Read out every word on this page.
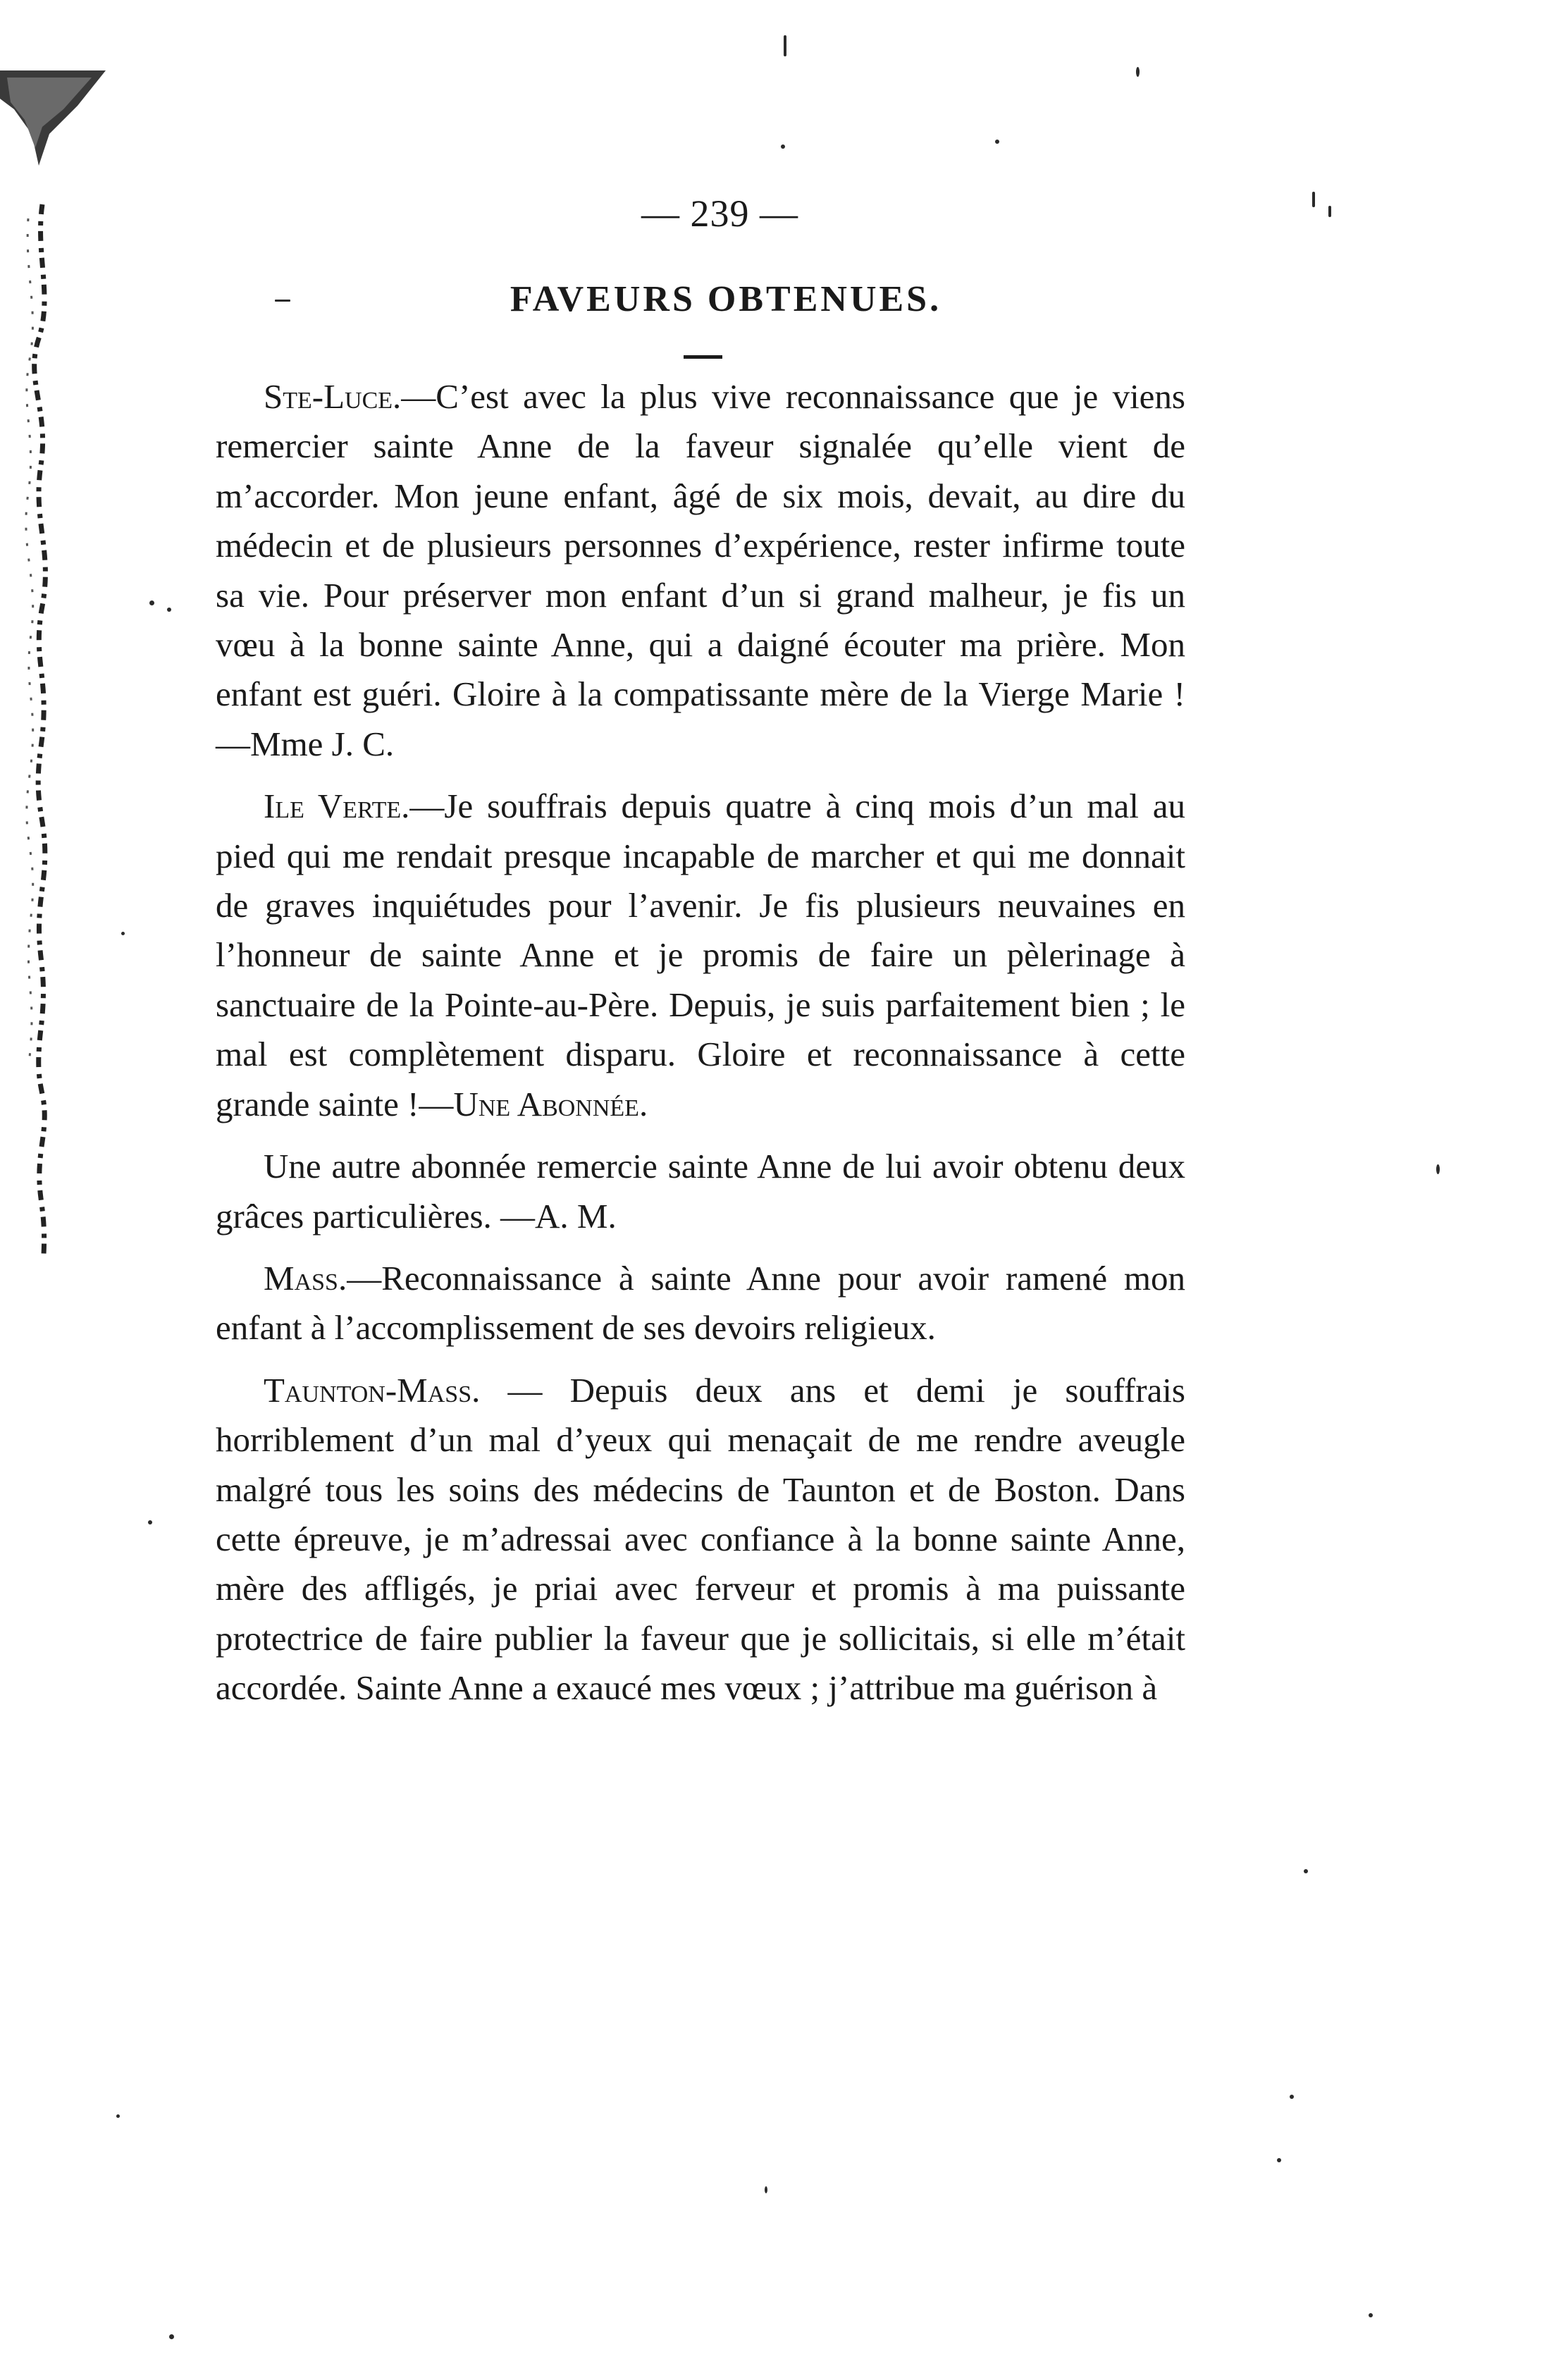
— 239 —
FAVEURS OBTENUES.

Ste-Luce.—C’est avec la plus vive reconnaissance que je viens remercier sainte Anne de la faveur signalée qu’elle vient de m’accorder. Mon jeune enfant, âgé de six mois, devait, au dire du médecin et de plusieurs personnes d’expérience, rester infirme toute sa vie. Pour préserver mon enfant d’un si grand malheur, je fis un vœu à la bonne sainte Anne, qui a daigné écouter ma prière. Mon enfant est guéri. Gloire à la compatissante mère de la Vierge Marie ! —Mme J. C.

Ile Verte.—Je souffrais depuis quatre à cinq mois d’un mal au pied qui me rendait presque incapable de marcher et qui me donnait de graves inquiétudes pour l’avenir. Je fis plusieurs neuvaines en l’honneur de sainte Anne et je promis de faire un pèlerinage à sanctuaire de la Pointe-au-Père. Depuis, je suis parfaitement bien ; le mal est complètement disparu. Gloire et reconnaissance à cette grande sainte !—Une Abonnée.

Une autre abonnée remercie sainte Anne de lui avoir obtenu deux grâces particulières. —A. M.

Mass.—Reconnaissance à sainte Anne pour avoir ramené mon enfant à l’accomplissement de ses devoirs religieux.

Taunton-Mass. — Depuis deux ans et demi je souffrais horriblement d’un mal d’yeux qui menaçait de me rendre aveugle malgré tous les soins des médecins de Taunton et de Boston. Dans cette épreuve, je m’adressai avec confiance à la bonne sainte Anne, mère des affligés, je priai avec ferveur et promis à ma puissante protectrice de faire publier la faveur que je sollicitais, si elle m’était accordée. Sainte Anne a exaucé mes vœux ; j’attribue ma guérison à
